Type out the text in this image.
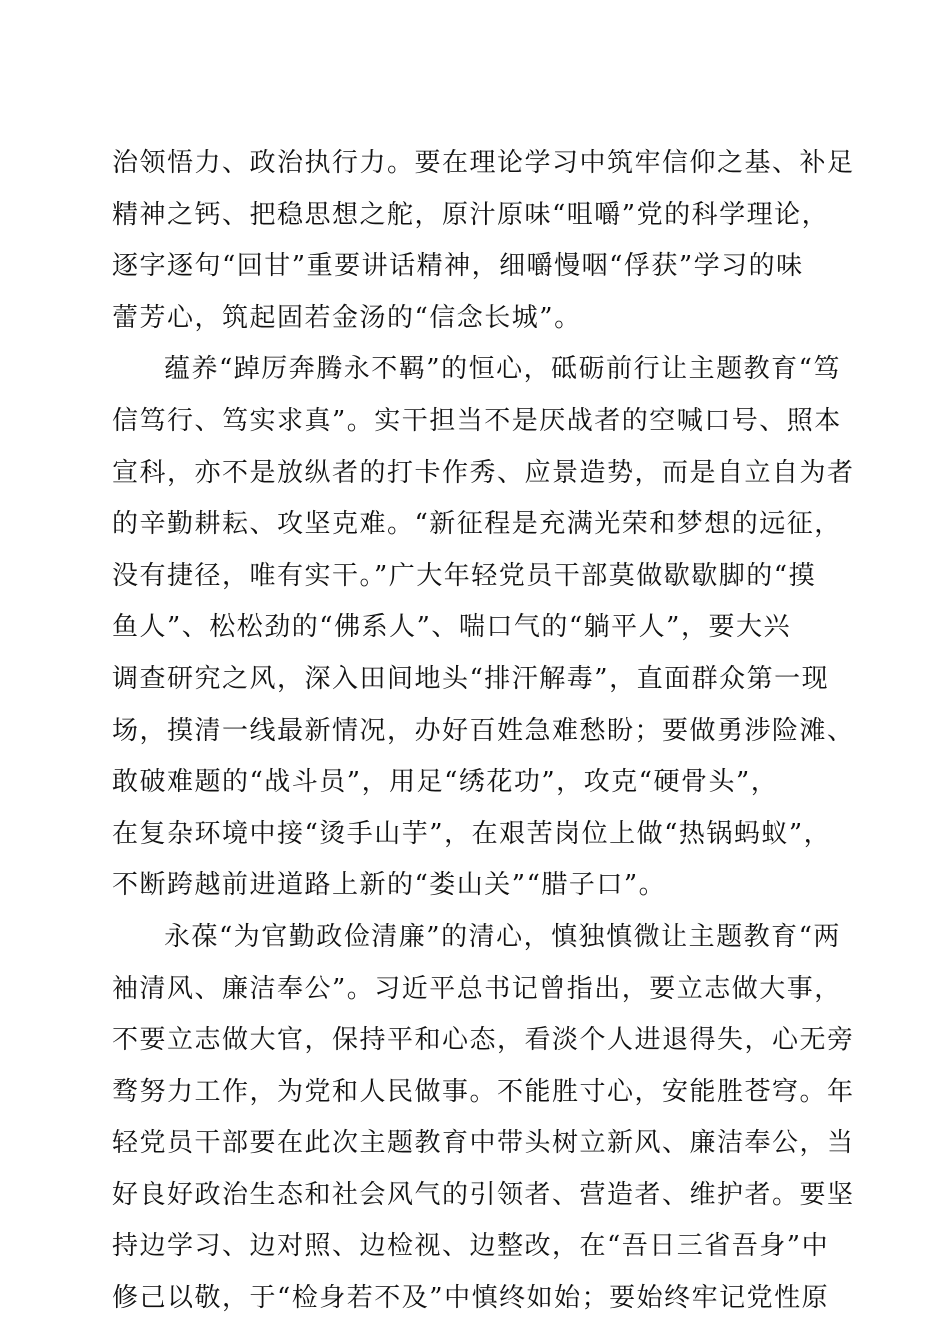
治领悟力、政治执行力。要在理论学习中筑牢信仰之基、补足
精神之钙、把稳思想之舵，原汁原味“咀嚼”党的科学理论，
逐字逐句“回甘”重要讲话精神，细嚼慢咽“俘获”学习的味
蕾芳心，筑起固若金汤的“信念长城”。
蕴养“踔厉奔腾永不羁”的恒心，砥砺前行让主题教育“笃
信笃行、笃实求真”。实干担当不是厌战者的空喊口号、照本
宣科，亦不是放纵者的打卡作秀、应景造势，而是自立自为者
的辛勤耕耘、攻坚克难。“新征程是充满光荣和梦想的远征，
没有捷径，唯有实干。”广大年轻党员干部莫做歇歇脚的“摸
鱼人”、松松劲的“佛系人”、喘口气的“躺平人”，要大兴
调查研究之风，深入田间地头“排汗解毒”，直面群众第一现
场，摸清一线最新情况，办好百姓急难愁盼；要做勇涉险滩、
敢破难题的“战斗员”，用足“绣花功”，攻克“硬骨头”，
在复杂环境中接“烫手山芋”，在艰苦岗位上做“热锅蚂蚁”，
不断跨越前进道路上新的“娄山关”“腊子口”。
永葆“为官勤政俭清廉”的清心，慎独慎微让主题教育“两
袖清风、廉洁奉公”。习近平总书记曾指出，要立志做大事，
不要立志做大官，保持平和心态，看淡个人进退得失，心无旁
骛努力工作，为党和人民做事。不能胜寸心，安能胜苍穹。年
轻党员干部要在此次主题教育中带头树立新风、廉洁奉公，当
好良好政治生态和社会风气的引领者、营造者、维护者。要坚
持边学习、边对照、边检视、边整改，在“吾日三省吾身”中
修己以敬，于“检身若不及”中慎终如始；要始终牢记党性原
